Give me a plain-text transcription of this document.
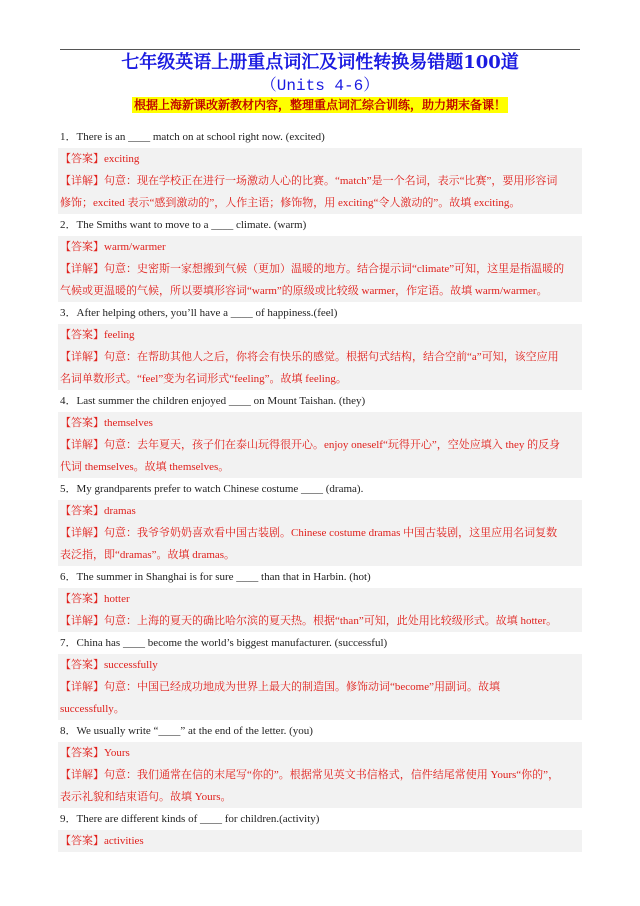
七年级英语上册重点词汇及词性转换易错题100道
（Units 4-6）
根据上海新课改新教材内容，整理重点词汇综合训练，助力期末备课！
1．There is an ____ match on at school right now. (excited)
【答案】exciting
【详解】句意：现在学校正在进行一场激动人心的比赛。“match”是一个名词，表示“比赛”，要用形容词
修饰；excited 表示“感到激动的”，人作主语；修饰物，用 exciting“令人激动的”。故填 exciting。
2．The Smiths want to move to a ____ climate. (warm)
【答案】warm/warmer
【详解】句意：史密斯一家想搬到气候（更加）温暖的地方。结合提示词“climate”可知，这里是指温暖的
气候或更温暖的气候，所以要填形容词“warm”的原级或比较级 warmer，作定语。故填 warm/warmer。
3．After helping others, you’ll have a ____ of happiness.(feel)
【答案】feeling
【详解】句意：在帮助其他人之后，你将会有快乐的感觉。根据句式结构，结合空前“a”可知，该空应用
名词单数形式。“feel”变为名词形式“feeling”。故填 feeling。
4．Last summer the children enjoyed ____ on Mount Taishan. (they)
【答案】themselves
【详解】句意：去年夏天，孩子们在泰山玩得很开心。enjoy oneself“玩得开心”，空处应填入 they 的反身
代词 themselves。故填 themselves。
5．My grandparents prefer to watch Chinese costume ____ (drama).
【答案】dramas
【详解】句意：我爷爷奶奶喜欢看中国古装剧。Chinese costume dramas 中国古装剧，这里应用名词复数
表泛指，即“dramas”。故填 dramas。
6．The summer in Shanghai is for sure ____ than that in Harbin. (hot)
【答案】hotter
【详解】句意：上海的夏天的确比哈尔滨的夏天热。根据“than”可知，此处用比较级形式。故填 hotter。
7．China has ____ become the world’s biggest manufacturer. (successful)
【答案】successfully
【详解】句意：中国已经成功地成为世界上最大的制造国。修饰动词“become”用副词。故填
successfully。
8．We usually write “____” at the end of the letter. (you)
【答案】Yours
【详解】句意：我们通常在信的末尾写“你的”。根据常见英文书信格式，信件结尾常使用 Yours“你的”，
表示礼貌和结束语句。故填 Yours。
9．There are different kinds of ____ for children.(activity)
【答案】activities
